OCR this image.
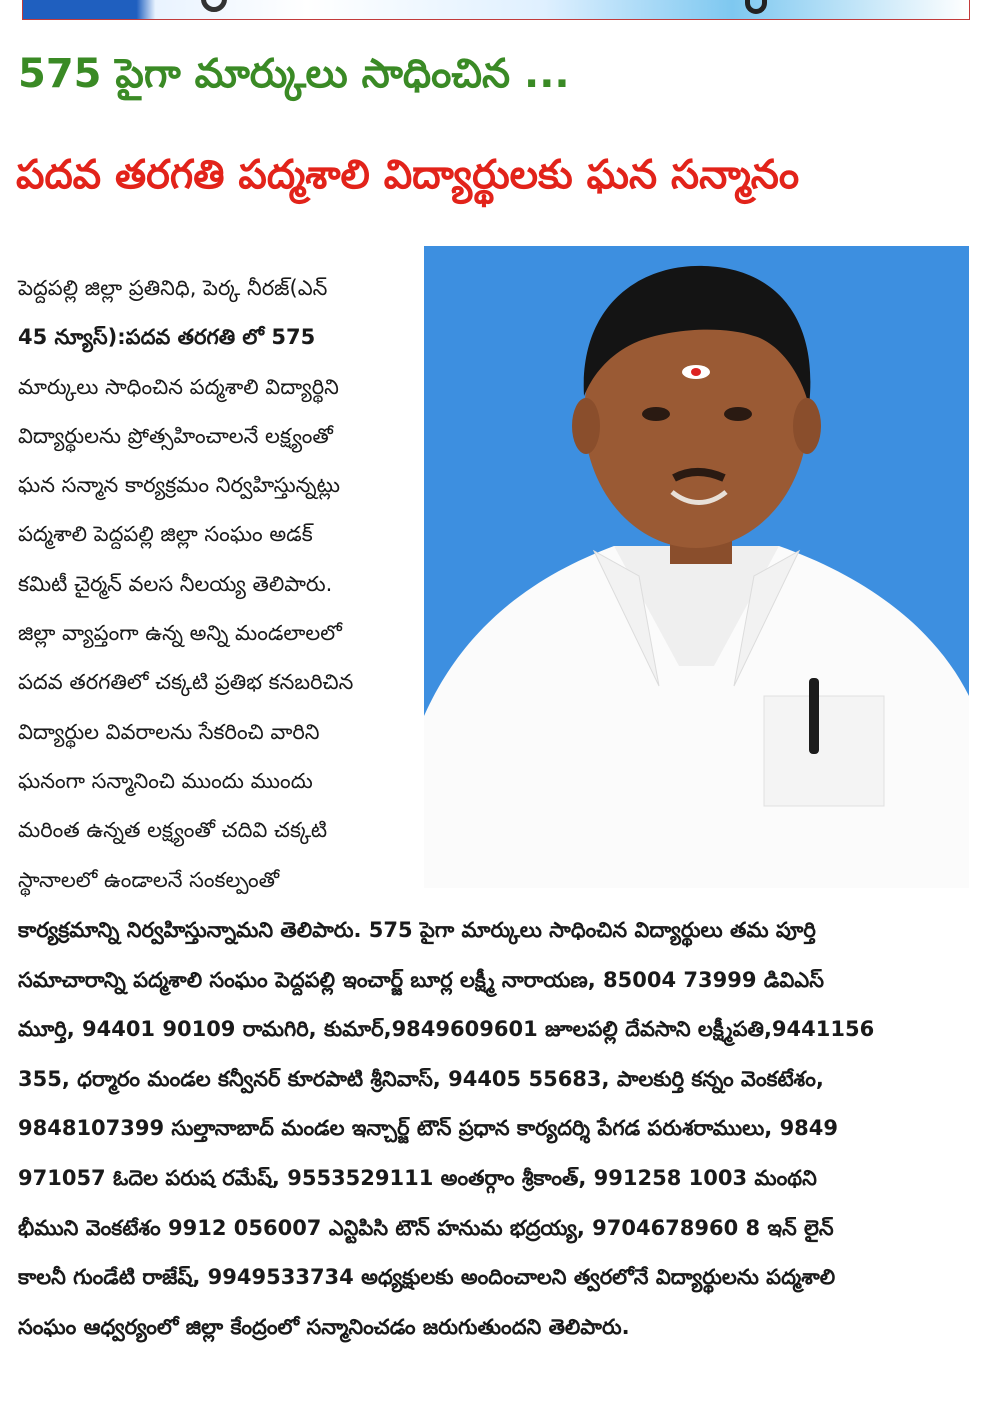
575 పైగా మార్కులు సాధించిన ...
పదవ తరగతి పద్మశాలి విద్యార్థులకు ఘన సన్మానం
పెద్దపల్లి జిల్లా ప్రతినిధి, పెర్క నీరజ్(ఎన్
45 న్యూస్):పదవ తరగతి లో 575
మార్కులు సాధించిన పద్మశాలి విద్యార్థిని
విద్యార్థులను ప్రోత్సహించాలనే లక్ష్యంతో
ఘన సన్మాన కార్యక్రమం నిర్వహిస్తున్నట్లు
పద్మశాలి పెద్దపల్లి జిల్లా సంఘం అడక్
కమిటీ చైర్మన్ వలస నీలయ్య తెలిపారు.
జిల్లా వ్యాప్తంగా ఉన్న అన్ని మండలాలలో
పదవ తరగతిలో చక్కటి ప్రతిభ కనబరిచిన
విద్యార్థుల వివరాలను సేకరించి వారిని
ఘనంగా సన్మానించి ముందు ముందు
మరింత ఉన్నత లక్ష్యంతో చదివి చక్కటి
స్థానాలలో ఉండాలనే సంకల్పంతో
కార్యక్రమాన్ని నిర్వహిస్తున్నామని తెలిపారు. 575 పైగా మార్కులు సాధించిన విద్యార్థులు తమ పూర్తి
సమాచారాన్ని పద్మశాలి సంఘం పెద్దపల్లి ఇంచార్జ్ బూర్ల లక్ష్మీ నారాయణ, 85004 73999 డివిఎస్
మూర్తి, 94401 90109 రామగిరి, కుమార్,9849609601 జూలపల్లి దేవసాని లక్ష్మీపతి,9441156
355, ధర్మారం మండల కన్వీనర్ కూరపాటి శ్రీనివాస్, 94405 55683, పాలకుర్తి కన్నం వెంకటేశం,
9848107399 సుల్తానాబాద్ మండల ఇన్చార్జ్ టౌన్ ప్రధాన కార్యదర్శి పేగడ పరుశరాములు, 9849
971057 ఓదెల పరుష రమేష్, 9553529111 అంతర్గాం శ్రీకాంత్, 991258 1003 మంథని
భీముని వెంకటేశం 9912 056007 ఎన్టిపిసి టౌన్ హనుమ భద్రయ్య, 9704678960 8 ఇన్ లైన్
కాలనీ గుండేటి రాజేష్, 9949533734 అధ్యక్షులకు అందించాలని త్వరలోనే విద్యార్థులను పద్మశాలి
సంఘం ఆధ్వర్యంలో జిల్లా కేంద్రంలో సన్మానించడం జరుగుతుందని తెలిపారు.
